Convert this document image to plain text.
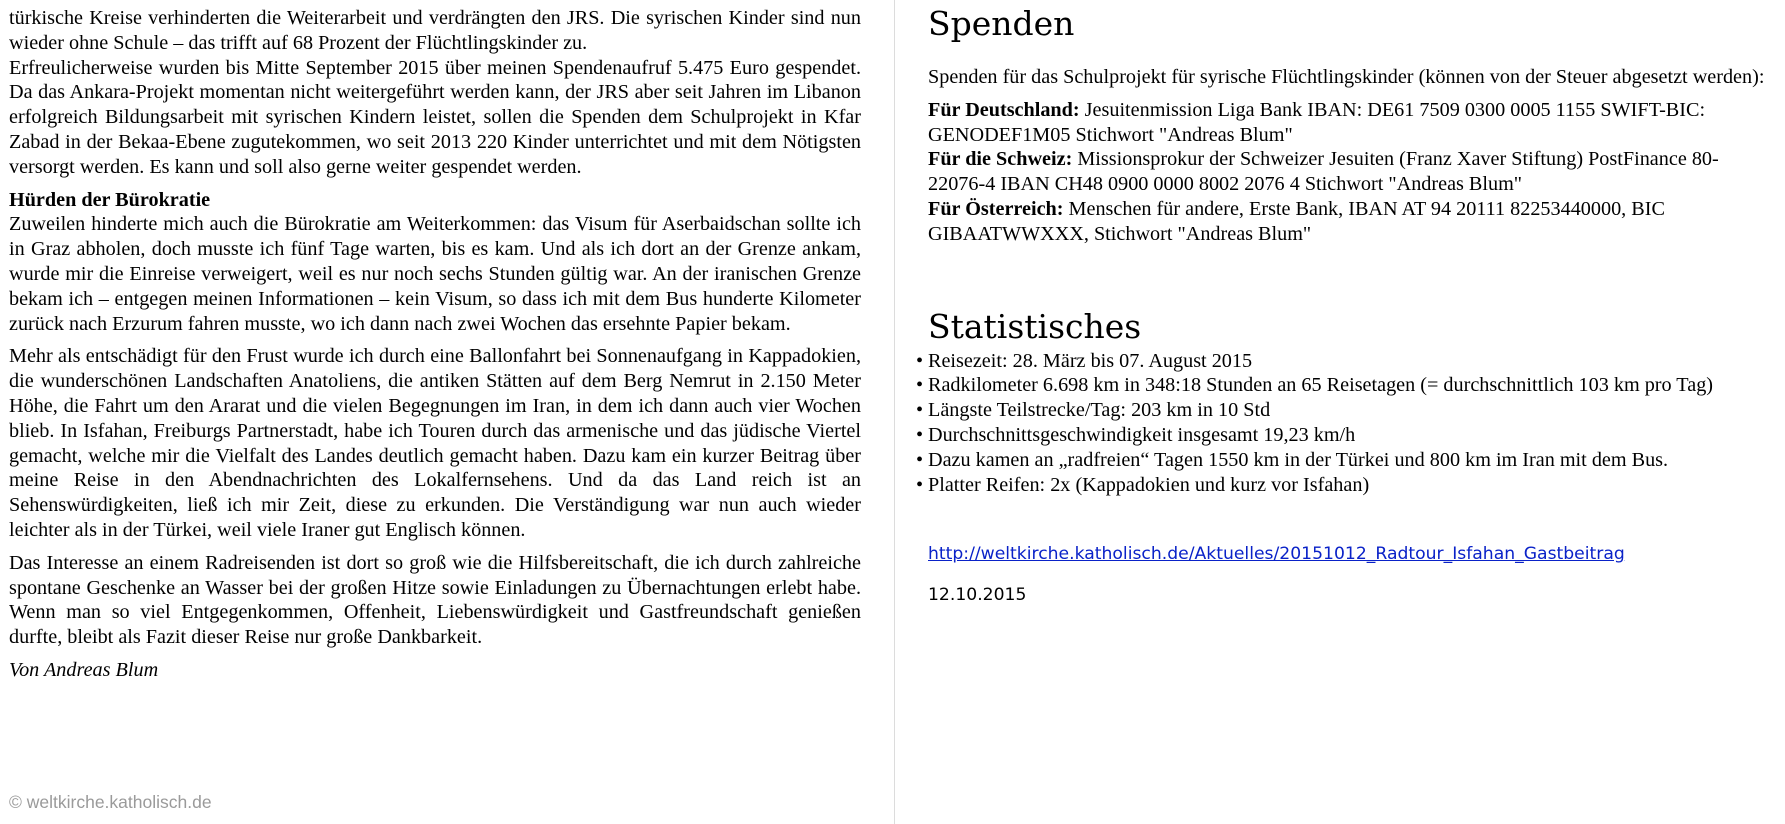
türkische Kreise verhinderten die Weiterarbeit und verdrängten den JRS. Die syrischen Kinder sind nun wieder ohne Schule – das trifft auf 68 Prozent der Flüchtlingskinder zu.

Erfreulicherweise wurden bis Mitte September 2015 über meinen Spendenaufruf 5.475 Euro gespendet. Da das Ankara-Projekt momentan nicht weitergeführt werden kann, der JRS aber seit Jahren im Libanon erfolgreich Bildungsarbeit mit syrischen Kindern leistet, sollen die Spenden dem Schulprojekt in Kfar Zabad in der Bekaa-Ebene zugutekommen, wo seit 2013 220 Kinder unterrichtet und mit dem Nötigsten versorgt werden. Es kann und soll also gerne weiter gespendet werden.

Hürden der Bürokratie

Zuweilen hinderte mich auch die Bürokratie am Weiterkommen: das Visum für Aserbaidschan sollte ich in Graz abholen, doch musste ich fünf Tage warten, bis es kam. Und als ich dort an der Grenze ankam, wurde mir die Einreise verweigert, weil es nur noch sechs Stunden gültig war. An der iranischen Grenze bekam ich – entgegen meinen Informationen – kein Visum, so dass ich mit dem Bus hunderte Kilometer zurück nach Erzurum fahren musste, wo ich dann nach zwei Wochen das ersehnte Papier bekam.

Mehr als entschädigt für den Frust wurde ich durch eine Ballonfahrt bei Sonnenaufgang in Kappadokien, die wunderschönen Landschaften Anatoliens, die antiken Stätten auf dem Berg Nemrut in 2.150 Meter Höhe, die Fahrt um den Ararat und die vielen Begegnungen im Iran, in dem ich dann auch vier Wochen blieb. In Isfahan, Freiburgs Partnerstadt, habe ich Touren durch das armenische und das jüdische Viertel gemacht, welche mir die Vielfalt des Landes deutlich gemacht haben. Dazu kam ein kurzer Beitrag über meine Reise in den Abendnachrichten des Lokalfernsehens. Und da das Land reich ist an Sehenswürdigkeiten, ließ ich mir Zeit, diese zu erkunden. Die Verständigung war nun auch wieder leichter als in der Türkei, weil viele Iraner gut Englisch können.

Das Interesse an einem Radreisenden ist dort so groß wie die Hilfsbereitschaft, die ich durch zahlreiche spontane Geschenke an Wasser bei der großen Hitze sowie Einladungen zu Übernachtungen erlebt habe. Wenn man so viel Entgegenkommen, Offenheit, Liebenswürdigkeit und Gastfreundschaft genießen durfte, bleibt als Fazit dieser Reise nur große Dankbarkeit.

Von Andreas Blum

Spenden

Spenden für das Schulprojekt für syrische Flüchtlingskinder (können von der Steuer abgesetzt werden):

Für Deutschland: Jesuitenmission Liga Bank IBAN: DE61 7509 0300 0005 1155 SWIFT-BIC: GENODEF1M05 Stichwort "Andreas Blum"

Für die Schweiz: Missionsprokur der Schweizer Jesuiten (Franz Xaver Stiftung) PostFinance 80-22076-4 IBAN CH48 0900 0000 8002 2076 4 Stichwort "Andreas Blum"

Für Österreich: Menschen für andere, Erste Bank, IBAN AT 94 20111 82253440000, BIC GIBAATWWXXX, Stichwort "Andreas Blum"

Statistisches
• Reisezeit: 28. März bis 07. August 2015
• Radkilometer 6.698 km in 348:18 Stunden an 65 Reisetagen (= durchschnittlich 103 km pro Tag)
• Längste Teilstrecke/Tag: 203 km in 10 Std
• Durchschnittsgeschwindigkeit insgesamt 19,23 km/h
• Dazu kamen an „radfreien“ Tagen 1550 km in der Türkei und 800 km im Iran mit dem Bus.
• Platter Reifen: 2x (Kappadokien und kurz vor Isfahan)
http://weltkirche.katholisch.de/Aktuelles/20151012_Radtour_Isfahan_Gastbeitrag

12.10.2015

© weltkirche.katholisch.de
